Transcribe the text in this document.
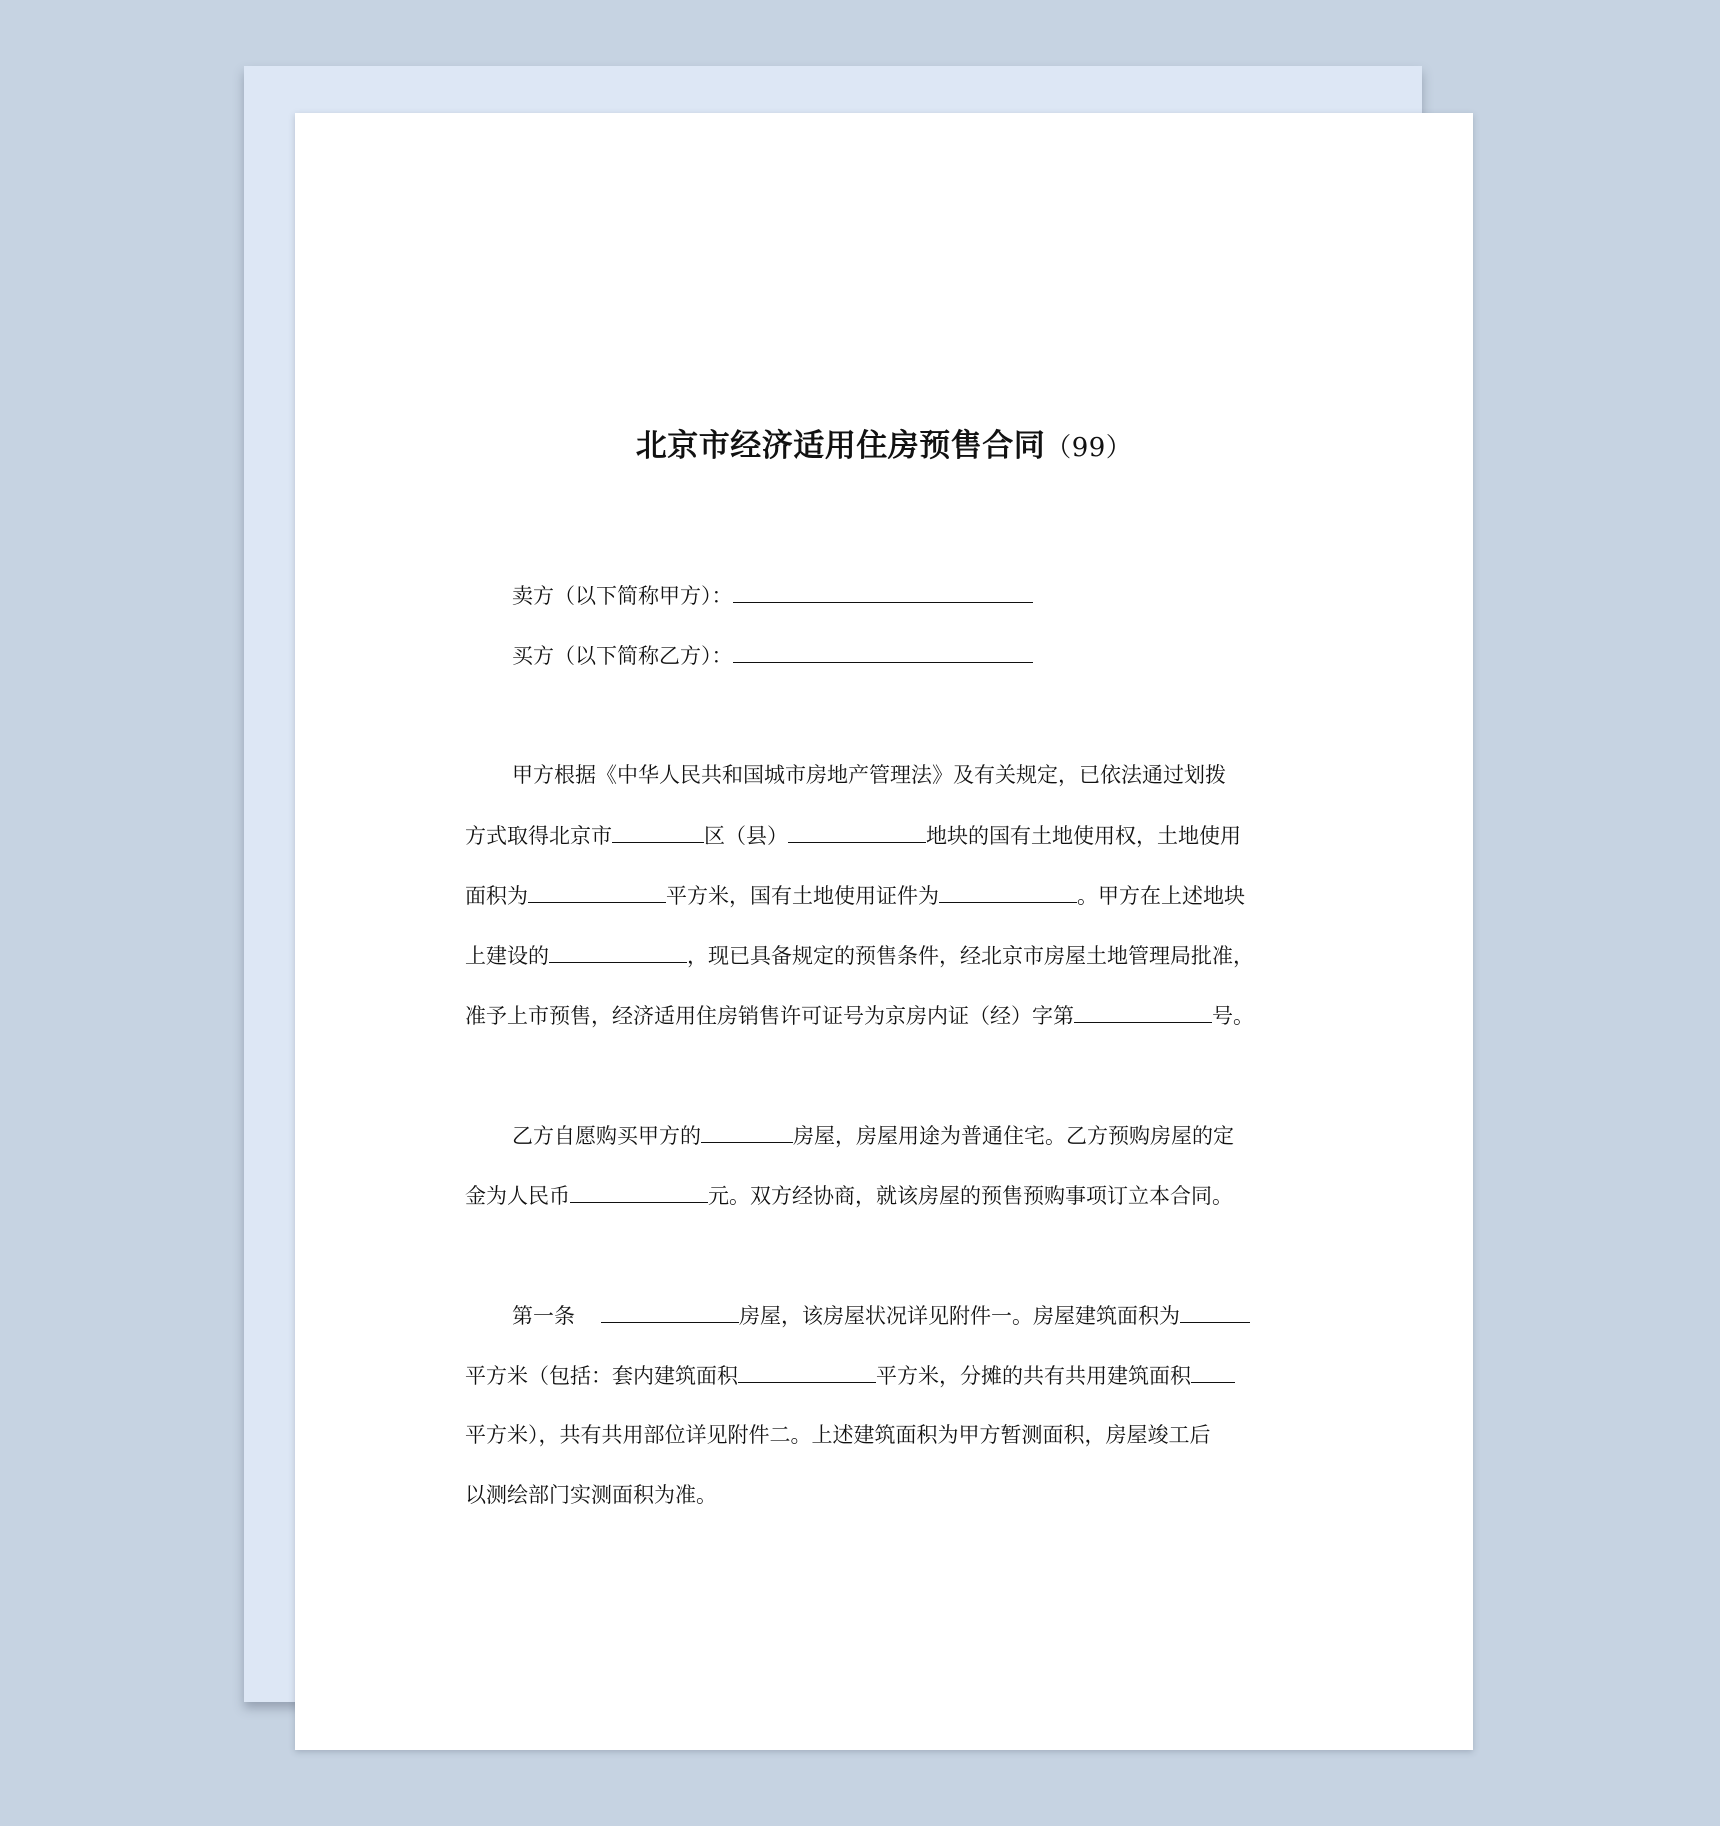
北京市经济适用住房预售合同（99）
卖方（以下简称甲方）：
买方（以下简称乙方）：
甲方根据《中华人民共和国城市房地产管理法》及有关规定，已依法通过划拨
方式取得北京市	区（县）	地块的国有土地使用权，土地使用
面积为	平方米，国有土地使用证件为	。甲方在上述地块
上建设的	，现已具备规定的预售条件，经北京市房屋土地管理局批准，
准予上市预售，经济适用住房销售许可证号为京房内证（经）字第	号。
乙方自愿购买甲方的	房屋，房屋用途为普通住宅。乙方预购房屋的定
金为人民币	元。双方经协商，就该房屋的预售预购事项订立本合同。
第一条	房屋，该房屋状况详见附件一。房屋建筑面积为
平方米（包括：套内建筑面积	平方米，分摊的共有共用建筑面积
平方米），共有共用部位详见附件二。上述建筑面积为甲方暂测面积，房屋竣工后
以测绘部门实测面积为准。
